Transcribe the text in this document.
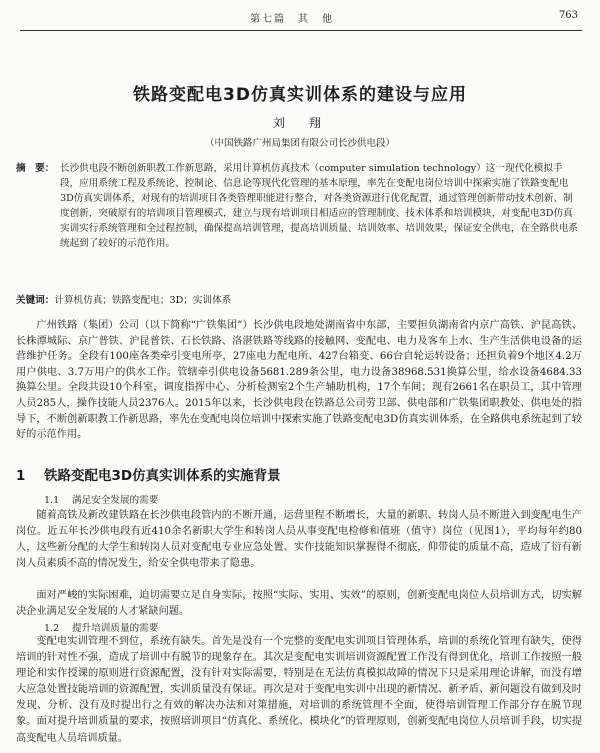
第七篇　其　他	763
铁路变配电3D仿真实训体系的建设与应用
刘　翔
（中国铁路广州局集团有限公司长沙供电段）
摘　要： 长沙供电段不断创新职教工作新思路，采用计算机仿真技术（computer simulation technology）这一现代化模拟手段，应用系统工程及系统论、控制论、信息论等现代化管理的基本原理，率先在变配电岗位培训中探索实施了铁路变配电3D仿真实训体系，对现有的培训项目各类管理职能进行整合，对各类资源进行优化配置，通过管理创新带动技术创新、制度创新，突破原有的培训项目管理模式，建立与现有培训项目相适应的管理制度、技术体系和培训模块，对变配电3D仿真实训实行系统管理和全过程控制，确保提高培训管理，提高培训质量、培训效率、培训效果，保证安全供电，在全路供电系统起到了较好的示范作用。
关键词：计算机仿真；铁路变配电；3D；实训体系

广州铁路（集团）公司（以下简称“广铁集团”）长沙供电段地处湖南省中东部，主要担负湖南省内京广高铁、沪昆高铁、长株潭城际、京广普铁、沪昆普铁、石长铁路、洛湛铁路等线路的接触网、变配电、电力及客车上水、生产生活供电设备的运营维护任务。全段有100座各类牵引变电所亭，27座电力配电所、427台箱变、66台自轮运转设备；还担负着9个地区4.2万用户供电、3.7万用户的供水工作。管辖牵引供电设备5681.289条公里，电力设备38968.531换算公里，给水设备4684.33换算公里。全段共设10个科室，调度指挥中心、分析检测室2个生产辅助机构，17个车间；现有2661名在职员工，其中管理人员285人，操作技能人员2376人。2015年以来，长沙供电段在铁路总公司劳卫部、供电部和广铁集团职教处、供电处的指导下，不断创新职教工作新思路，率先在变配电岗位培训中探索实施了铁路变配电3D仿真实训体系，在全路供电系统起到了较好的示范作用。

1 铁路变配电3D仿真实训体系的实施背景
1.1 满足安全发展的需要

随着高铁及新改建铁路在长沙供电段管内的不断开通，运营里程不断增长，大量的新职、转岗人员不断进入到变配电生产岗位。近五年长沙供电段有近410余名新职大学生和转岗人员从事变配电检修和值班（值守）岗位（见图1），平均每年约80人，这些新分配的大学生和转岗人员对变配电专业应急处置、实作技能知识掌握得不彻底，仰带徒的质量不高，造成了衍有新岗人员素质不高的情况发生，给安全供电带来了隐患。

面对严峻的实际困难，迫切需要立足自身实际，按照“实际、实用、实效”的原则，创新变配电岗位人员培训方式，切实解决企业满足安全发展的人才紧缺问题。

1.2 提升培训质量的需要

变配电实训管理不到位，系统有缺失。首先是没有一个完整的变配电实训项目管理体系，培训的系统化管理有缺失，使得培训的针对性不强，造成了培训中有脱节的现象存在。其次是变配电实训培训资源配置工作没有得到优化，培训工作按照一般理论和实作授课的原则进行资源配置，没有针对实际需要，特别是在无法仿真模拟故障的情况下只是采用理论讲解，而没有增大应急处置技能培训的资源配置，实训质量没有保证。再次是对于变配电实训中出现的新情况、新矛盾、新问题没有做到及时发现、分析、没有及时提出行之有效的解决办法和对策措施，对培训的系统管理不全面，使得培训管理工作部分存在脱节现象。面对提升培训质量的要求，按照培训项目“仿真化、系统化、模块化”的管理原则，创新变配电岗位人员培训手段，切实提高变配电人员培训质量。
